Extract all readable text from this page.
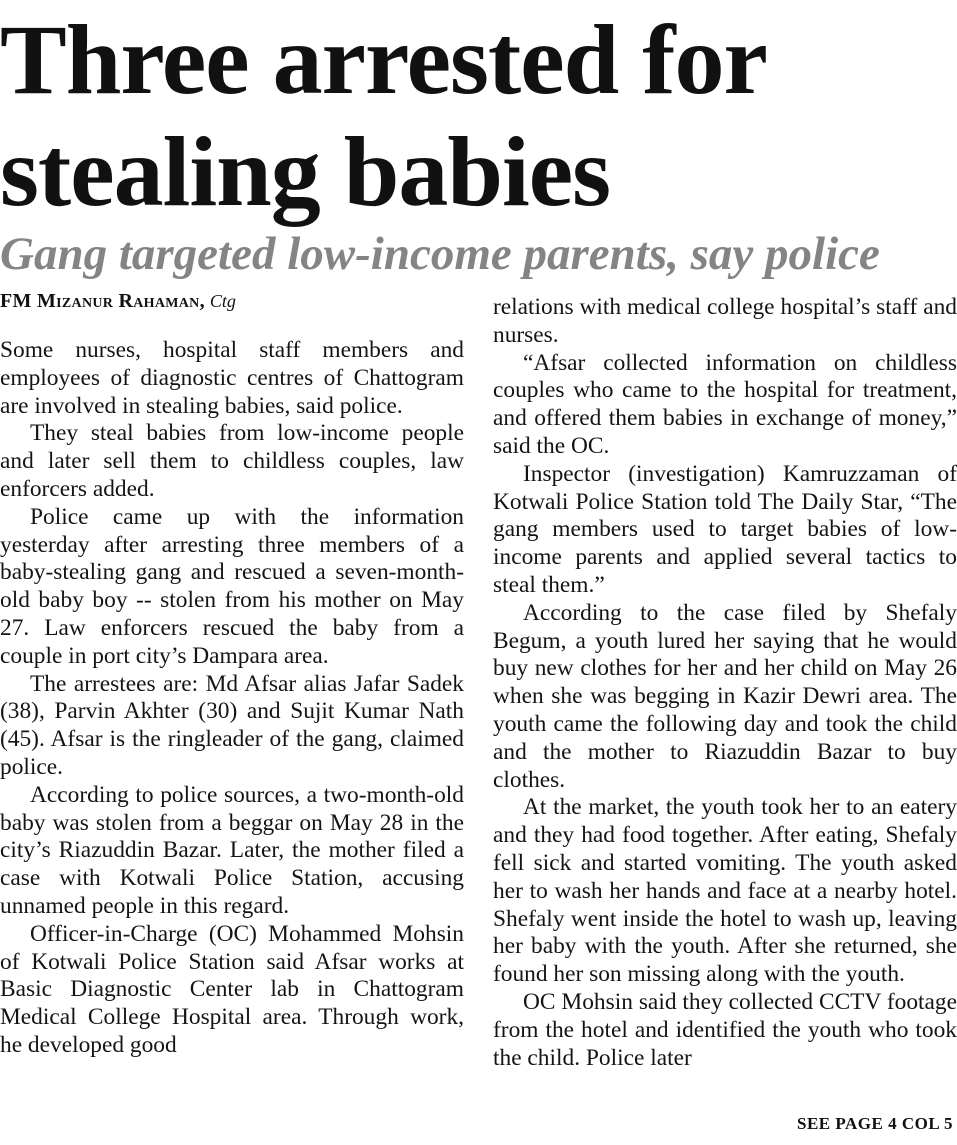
Three arrested for
stealing babies
Gang targeted low-income parents, say police
FM Mizanur Rahaman, Ctg

Some nurses, hospital staff members and employees of diagnostic centres of Chattogram are involved in stealing babies, said police.

They steal babies from low-income people and later sell them to childless couples, law enforcers added.

Police came up with the information yesterday after arresting three members of a baby-stealing gang and rescued a seven-month-old baby boy -- stolen from his mother on May 27. Law enforcers rescued the baby from a couple in port city’s Dampara area.

The arrestees are: Md Afsar alias Jafar Sadek (38), Parvin Akhter (30) and Sujit Kumar Nath (45). Afsar is the ringleader of the gang, claimed police.

According to police sources, a two-month-old baby was stolen from a beggar on May 28 in the city’s Riazuddin Bazar. Later, the mother filed a case with Kotwali Police Station, accusing unnamed people in this regard.

Officer-in-Charge (OC) Mohammed Mohsin of Kotwali Police Station said Afsar works at Basic Diagnostic Center lab in Chattogram Medical College Hospital area. Through work, he developed good

relations with medical college hospital’s staff and nurses.

“Afsar collected information on childless couples who came to the hospital for treatment, and offered them babies in exchange of money,” said the OC.

Inspector (investigation) Kamruzzaman of Kotwali Police Station told The Daily Star, “The gang members used to target babies of low-income parents and applied several tactics to steal them.”

According to the case filed by Shefaly Begum, a youth lured her saying that he would buy new clothes for her and her child on May 26 when she was begging in Kazir Dewri area. The youth came the following day and took the child and the mother to Riazuddin Bazar to buy clothes.

At the market, the youth took her to an eatery and they had food together. After eating, Shefaly fell sick and started vomiting. The youth asked her to wash her hands and face at a nearby hotel. Shefaly went inside the hotel to wash up, leaving her baby with the youth. After she returned, she found her son missing along with the youth.

OC Mohsin said they collected CCTV footage from the hotel and identified the youth who took the child. Police later

SEE PAGE 4 COL 5
